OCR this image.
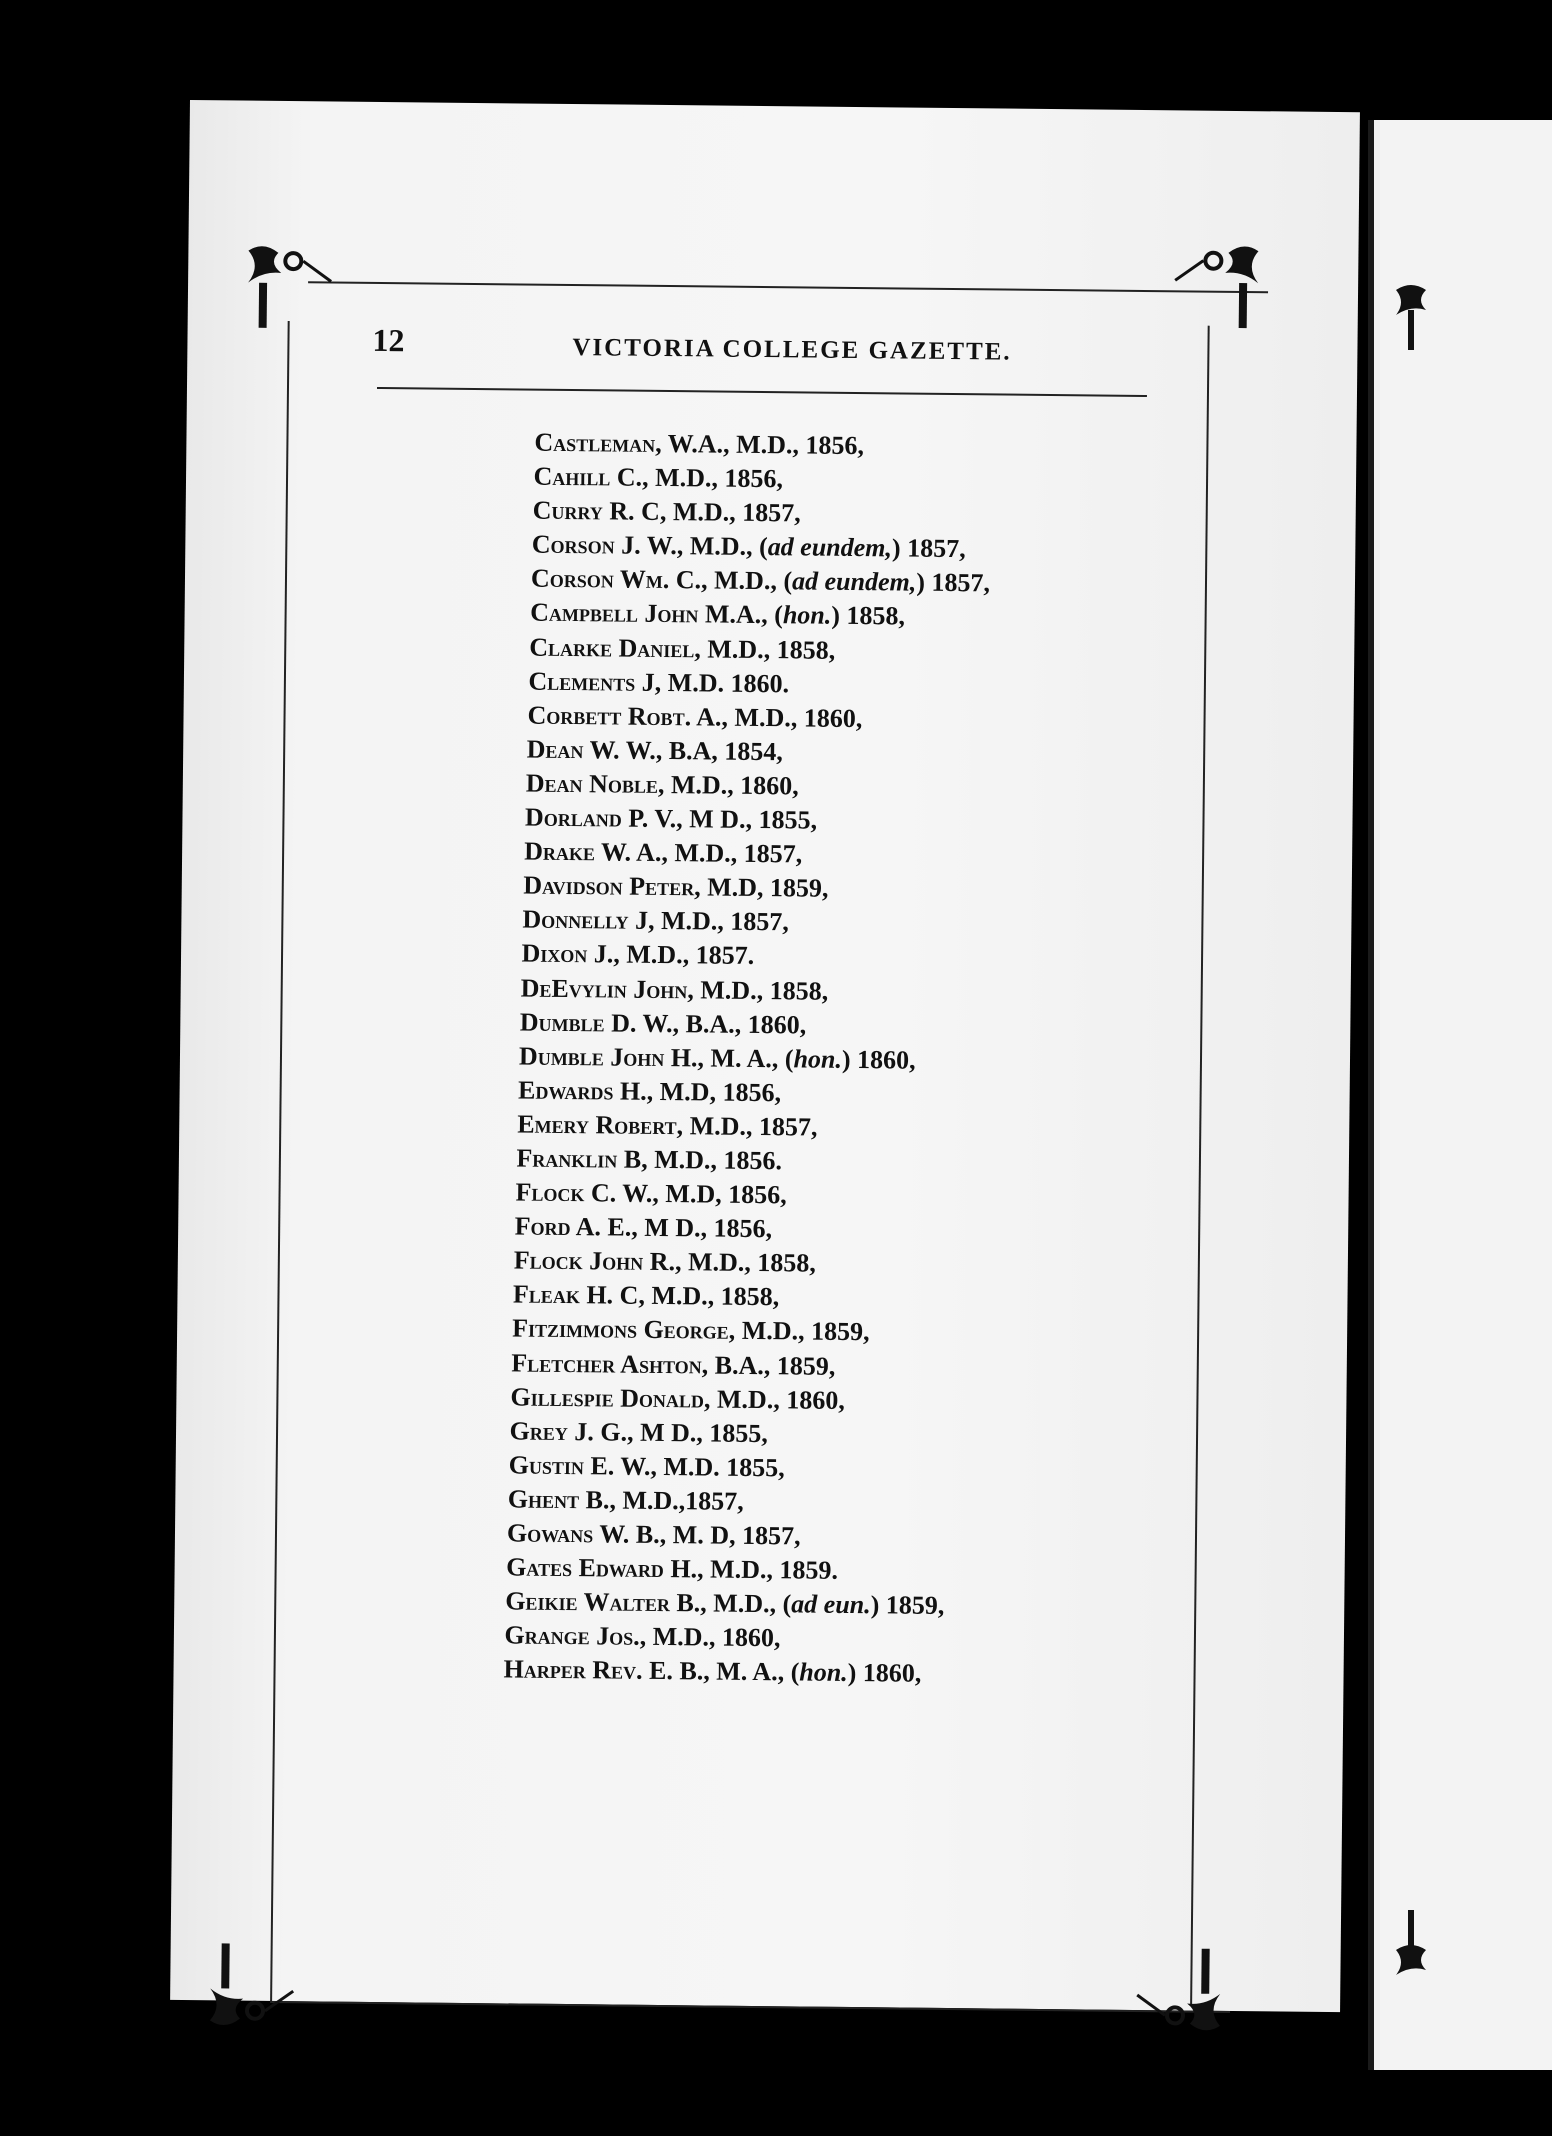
12	VICTORIA COLLEGE GAZETTE.
Castleman, W.A., M.D., 1856,
Cahill C., M.D., 1856,
Curry R. C, M.D., 1857,
Corson J. W., M.D., (ad eundem,) 1857,
Corson Wm. C., M.D., (ad eundem,) 1857,
Campbell John M.A., (hon.) 1858,
Clarke Daniel, M.D., 1858,
Clements J, M.D. 1860.
Corbett Robt. A., M.D., 1860,
Dean W. W., B.A, 1854,
Dean Noble, M.D., 1860,
Dorland P. V., M D., 1855,
Drake W. A., M.D., 1857,
Davidson Peter, M.D, 1859,
Donnelly J, M.D., 1857,
Dixon J., M.D., 1857.
DeEvylin John, M.D., 1858,
Dumble D. W., B.A., 1860,
Dumble John H., M. A., (hon.) 1860,
Edwards H., M.D, 1856,
Emery Robert, M.D., 1857,
Franklin B, M.D., 1856.
Flock C. W., M.D, 1856,
Ford A. E., M D., 1856,
Flock John R., M.D., 1858,
Fleak H. C, M.D., 1858,
Fitzimmons George, M.D., 1859,
Fletcher Ashton, B.A., 1859,
Gillespie Donald, M.D., 1860,
Grey J. G., M D., 1855,
Gustin E. W., M.D. 1855,
Ghent B., M.D.,1857,
Gowans W. B., M. D, 1857,
Gates Edward H., M.D., 1859.
Geikie Walter B., M.D., (ad eun.) 1859,
Grange Jos., M.D., 1860,
Harper Rev. E. B., M. A., (hon.) 1860,
